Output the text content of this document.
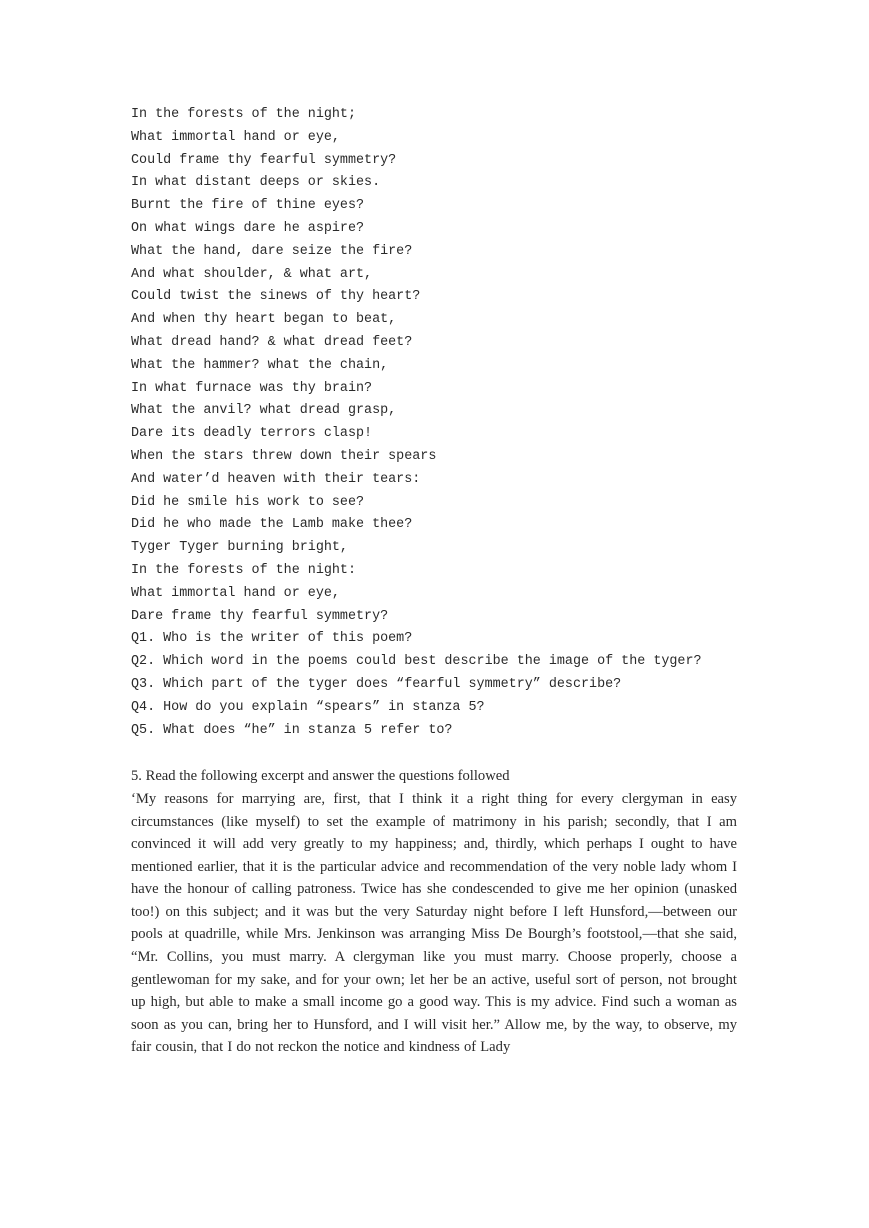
In the forests of the night;
What immortal hand or eye,
Could frame thy fearful symmetry?
In what distant deeps or skies.
Burnt the fire of thine eyes?
On what wings dare he aspire?
What the hand, dare seize the fire?
And what shoulder, & what art,
Could twist the sinews of thy heart?
And when thy heart began to beat,
What dread hand? & what dread feet?
What the hammer? what the chain,
In what furnace was thy brain?
What the anvil? what dread grasp,
Dare its deadly terrors clasp!
When the stars threw down their spears
And water’d heaven with their tears:
Did he smile his work to see?
Did he who made the Lamb make thee?
Tyger Tyger burning bright,
In the forests of the night:
What immortal hand or eye,
Dare frame thy fearful symmetry?
Q1. Who is the writer of this poem?
Q2. Which word in the poems could best describe the image of the tyger?
Q3. Which part of the tyger does “fearful symmetry” describe?
Q4. How do you explain “spears” in stanza 5?
Q5. What does “he” in stanza 5 refer to?
5. Read the following excerpt and answer the questions followed
‘My reasons for marrying are, first, that I think it a right thing for every clergyman in easy circumstances (like myself) to set the example of matrimony in his parish; secondly, that I am convinced it will add very greatly to my happiness; and, thirdly, which perhaps I ought to have mentioned earlier, that it is the particular advice and recommendation of the very noble lady whom I have the honour of calling patroness. Twice has she condescended to give me her opinion (unasked too!) on this subject; and it was but the very Saturday night before I left Hunsford,—between our pools at quadrille, while Mrs. Jenkinson was arranging Miss De Bourgh’s footstool,—that she said, “Mr. Collins, you must marry. A clergyman like you must marry. Choose properly, choose a gentlewoman for my sake, and for your own; let her be an active, useful sort of person, not brought up high, but able to make a small income go a good way. This is my advice. Find such a woman as soon as you can, bring her to Hunsford, and I will visit her.” Allow me, by the way, to observe, my fair cousin, that I do not reckon the notice and kindness of Lady
